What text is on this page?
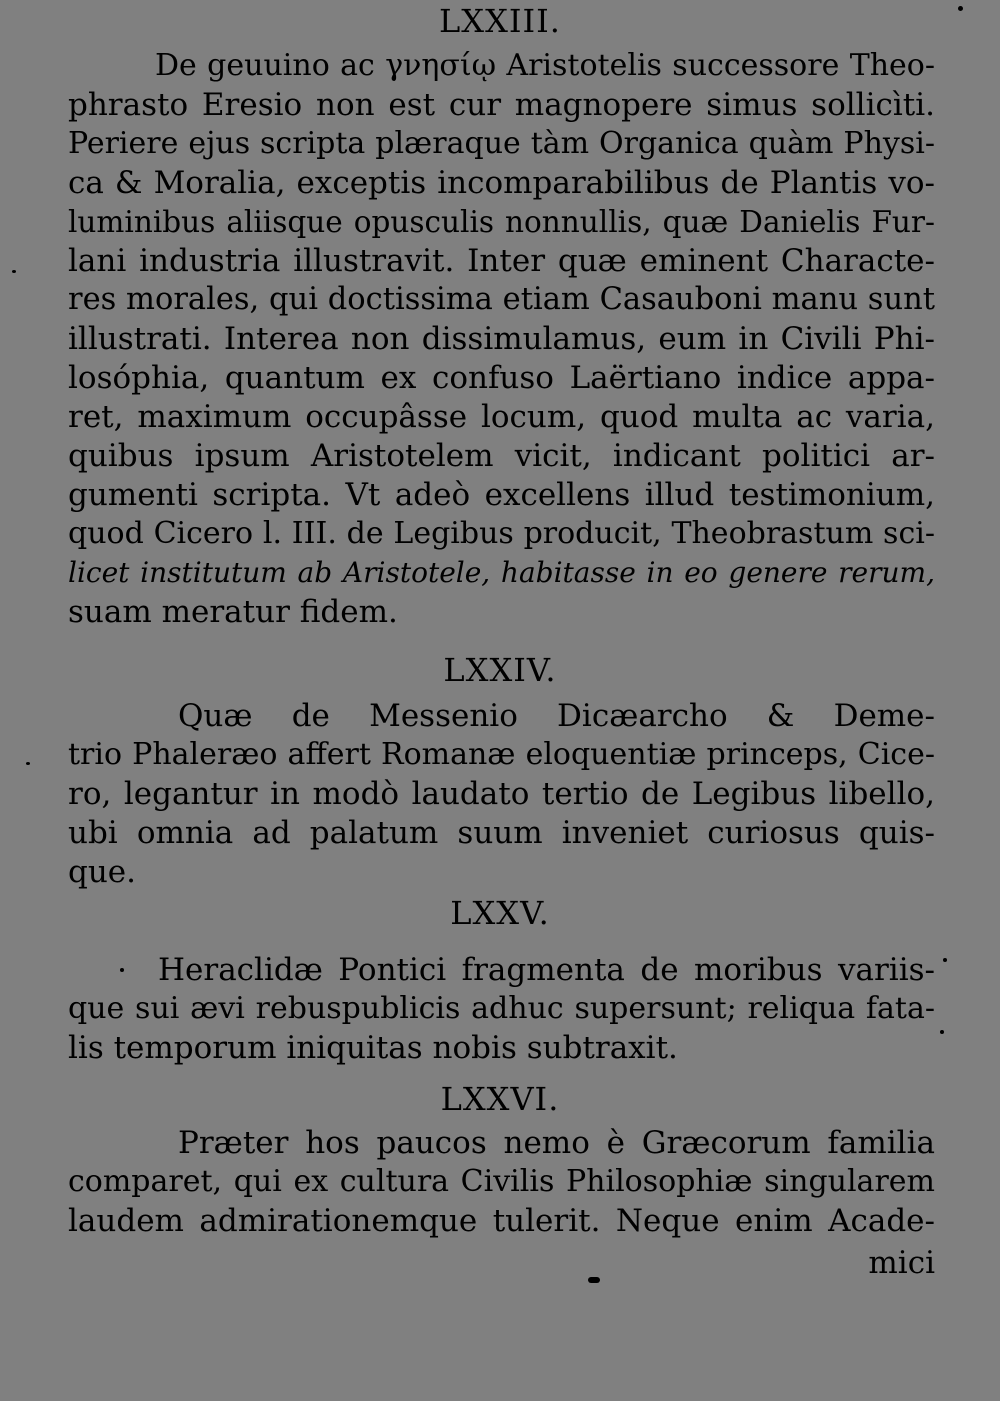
LXXIII.
De geuuino ac γνησίῳ Aristotelis successore Theo-
phrasto Eresio non est cur magnopere simus sollicìti.
Periere ejus scripta plæraque tàm Organica quàm Physi-
ca & Moralia, exceptis incomparabilibus de Plantis vo-
luminibus aliisque opusculis nonnullis, quæ Danielis Fur-
lani industria illustravit. Inter quæ eminent Characte-
res morales, qui doctissima etiam Casauboni manu sunt
illustrati. Interea non dissimulamus, eum in Civili Phi-
losóphia, quantum ex confuso Laërtiano indice appa-
ret, maximum occupâsse locum, quod multa ac varia,
quibus ipsum Aristotelem vicit, indicant politici ar-
gumenti scripta. Vt adeò excellens illud testimonium,
quod Cicero l. III. de Legibus producit, Theobrastum sci-
licet institutum ab Aristotele, habitasse in eo genere rerum,
suam meratur fidem.
LXXIV.
Quæ de Messenio Dicæarcho & Deme-
trio Phaleræo affert Romanæ eloquentiæ princeps, Cice-
ro, legantur in modò laudato tertio de Legibus libello,
ubi omnia ad palatum suum inveniet curiosus quis-
que.
LXXV.
Heraclidæ Pontici fragmenta de moribus variis-
que sui ævi rebuspublicis adhuc supersunt; reliqua fata-
lis temporum iniquitas nobis subtraxit.
LXXVI.
Præter hos paucos nemo è Græcorum familia
comparet, qui ex cultura Civilis Philosophiæ singularem
laudem admirationemque tulerit. Neque enim Acade-
mici
